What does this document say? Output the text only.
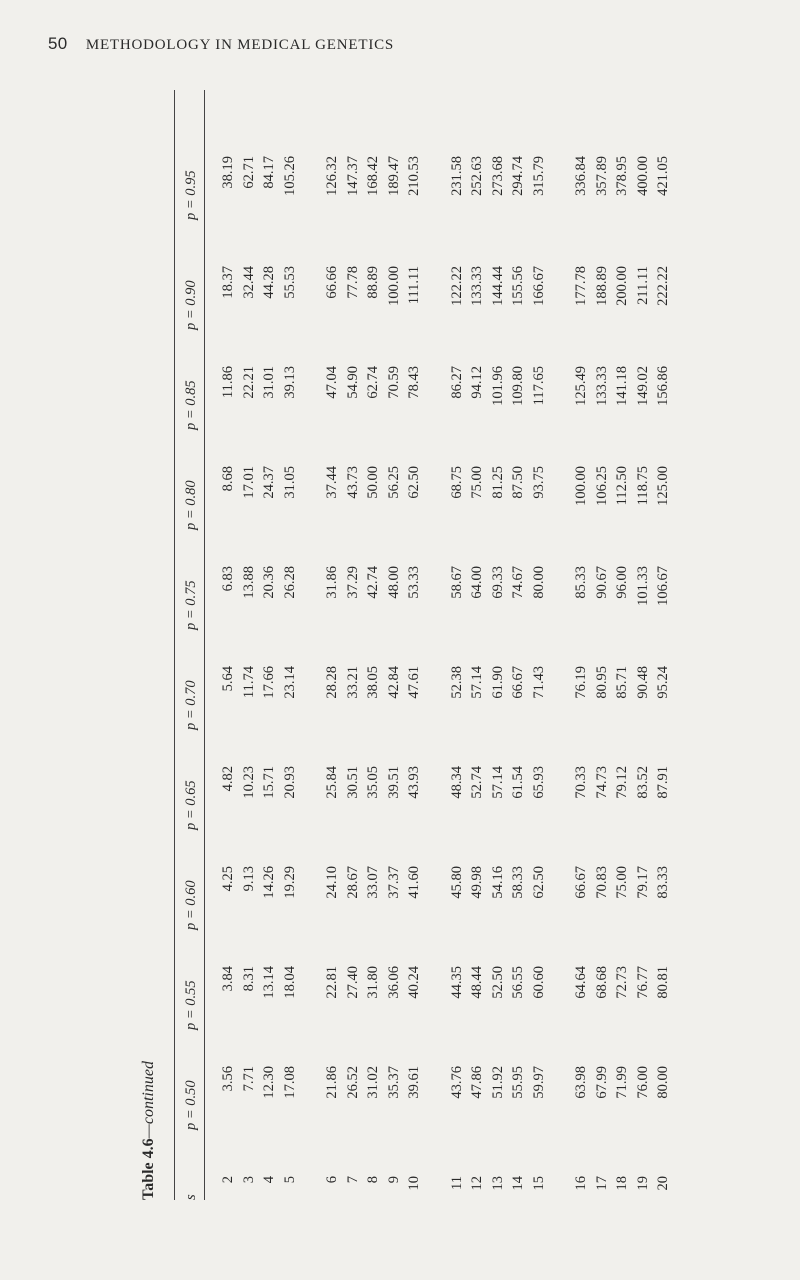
50 METHODOLOGY IN MEDICAL GENETICS
Table 4.6—continued
s
p = 0.50
p = 0.55
p = 0.60
p = 0.65
p = 0.70
p = 0.75
p = 0.80
p = 0.85
p = 0.90
p = 0.95
2
3.56
3.84
4.25
4.82
5.64
6.83
8.68
11.86
18.37
38.19
3
7.71
8.31
9.13
10.23
11.74
13.88
17.01
22.21
32.44
62.71
4
12.30
13.14
14.26
15.71
17.66
20.36
24.37
31.01
44.28
84.17
5
17.08
18.04
19.29
20.93
23.14
26.28
31.05
39.13
55.53
105.26
6
21.86
22.81
24.10
25.84
28.28
31.86
37.44
47.04
66.66
126.32
7
26.52
27.40
28.67
30.51
33.21
37.29
43.73
54.90
77.78
147.37
8
31.02
31.80
33.07
35.05
38.05
42.74
50.00
62.74
88.89
168.42
9
35.37
36.06
37.37
39.51
42.84
48.00
56.25
70.59
100.00
189.47
10
39.61
40.24
41.60
43.93
47.61
53.33
62.50
78.43
111.11
210.53
11
43.76
44.35
45.80
48.34
52.38
58.67
68.75
86.27
122.22
231.58
12
47.86
48.44
49.98
52.74
57.14
64.00
75.00
94.12
133.33
252.63
13
51.92
52.50
54.16
57.14
61.90
69.33
81.25
101.96
144.44
273.68
14
55.95
56.55
58.33
61.54
66.67
74.67
87.50
109.80
155.56
294.74
15
59.97
60.60
62.50
65.93
71.43
80.00
93.75
117.65
166.67
315.79
16
63.98
64.64
66.67
70.33
76.19
85.33
100.00
125.49
177.78
336.84
17
67.99
68.68
70.83
74.73
80.95
90.67
106.25
133.33
188.89
357.89
18
71.99
72.73
75.00
79.12
85.71
96.00
112.50
141.18
200.00
378.95
19
76.00
76.77
79.17
83.52
90.48
101.33
118.75
149.02
211.11
400.00
20
80.00
80.81
83.33
87.91
95.24
106.67
125.00
156.86
222.22
421.05
